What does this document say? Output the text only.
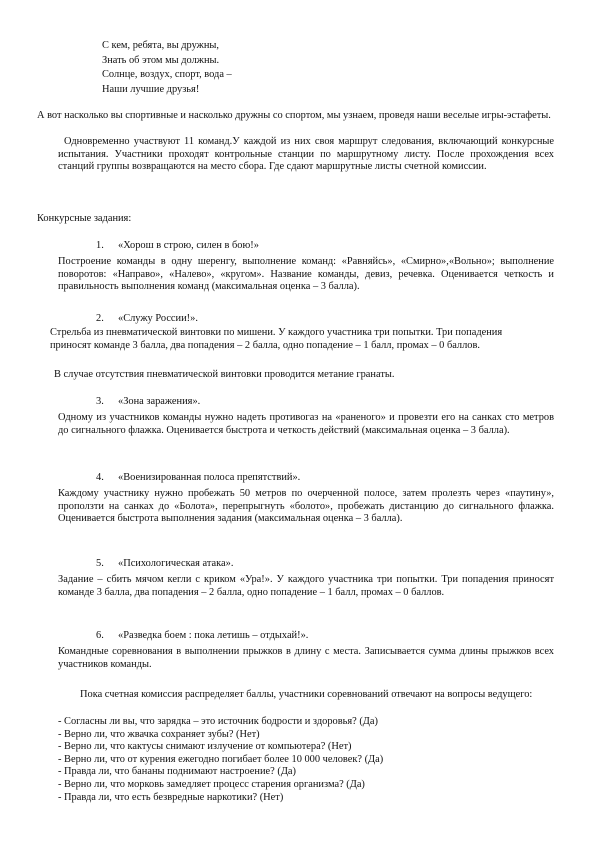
С кем, ребята, вы дружны,
Знать об этом мы должны.
Солнце, воздух, спорт, вода –
Наши лучшие друзья!
А вот насколько вы спортивные и насколько дружны со спортом, мы узнаем, проведя наши веселые игры-эстафеты.
Одновременно участвуют 11 команд.У каждой из них своя маршрут следования, включающий конкурсные испытания. Участники проходят контрольные станции по маршрутному листу. После прохождения всех станций группы возвращаются на место сбора. Где сдают маршрутные листы счетной комиссии.
Конкурсные задания:
1. «Хорош в строю, силен в бою!»
Построение команды в одну шеренгу, выполнение команд: «Равняйсь», «Смирно»,«Вольно»; выполнение поворотов: «Направо», «Налево», «кругом». Название команды, девиз, речевка. Оценивается четкость и правильность выполнения команд (максимальная оценка – 3 балла).
2. «Служу России!».
Стрельба из пневматической винтовки по мишени. У каждого участника три попытки. Три попадения приносят команде 3 балла, два попадения – 2 балла, одно попадение – 1 балл, промах – 0 баллов.
В случае отсутствия пневматической винтовки проводится метание гранаты.
3. «Зона заражения».
Одному из участников команды нужно надеть противогаз на «раненого» и провезти его на санках сто метров до сигнального флажка. Оценивается быстрота и четкость действий (максимальная оценка – 3 балла).
4. «Военизированная полоса препятствий».
Каждому участнику нужно пробежать 50 метров по очерченной полосе, затем пролезть через «паутину», проползти на санках до «Болота», перепрыгнуть «болото», пробежать дистанцию до сигнального флажка. Оценивается быстрота выполнения задания (максимальная оценка – 3 балла).
5. «Психологическая атака».
Задание – сбить мячом кегли с криком «Ура!». У каждого участника три попытки. Три попадения приносят команде 3 балла, два попадения – 2 балла, одно попадение – 1 балл, промах – 0 баллов.
6. «Разведка боем : пока летишь – отдыхай!».
Командные соревнования в выполнении прыжков в длину с места. Записывается сумма длины прыжков всех участников команды.
Пока счетная комиссия распределяет баллы, участники соревнований отвечают на вопросы ведущего:
- Согласны ли вы, что зарядка – это источник бодрости и здоровья? (Да)
- Верно ли, что жвачка сохраняет зубы? (Нет)
- Верно ли, что кактусы снимают излучение от компьютера? (Нет)
- Верно ли, что от курения ежегодно погибает более 10 000 человек? (Да)
- Правда ли, что бананы поднимают настроение? (Да)
- Верно ли, что морковь замедляет процесс старения организма? (Да)
- Правда ли, что есть безвредные наркотики? (Нет)
